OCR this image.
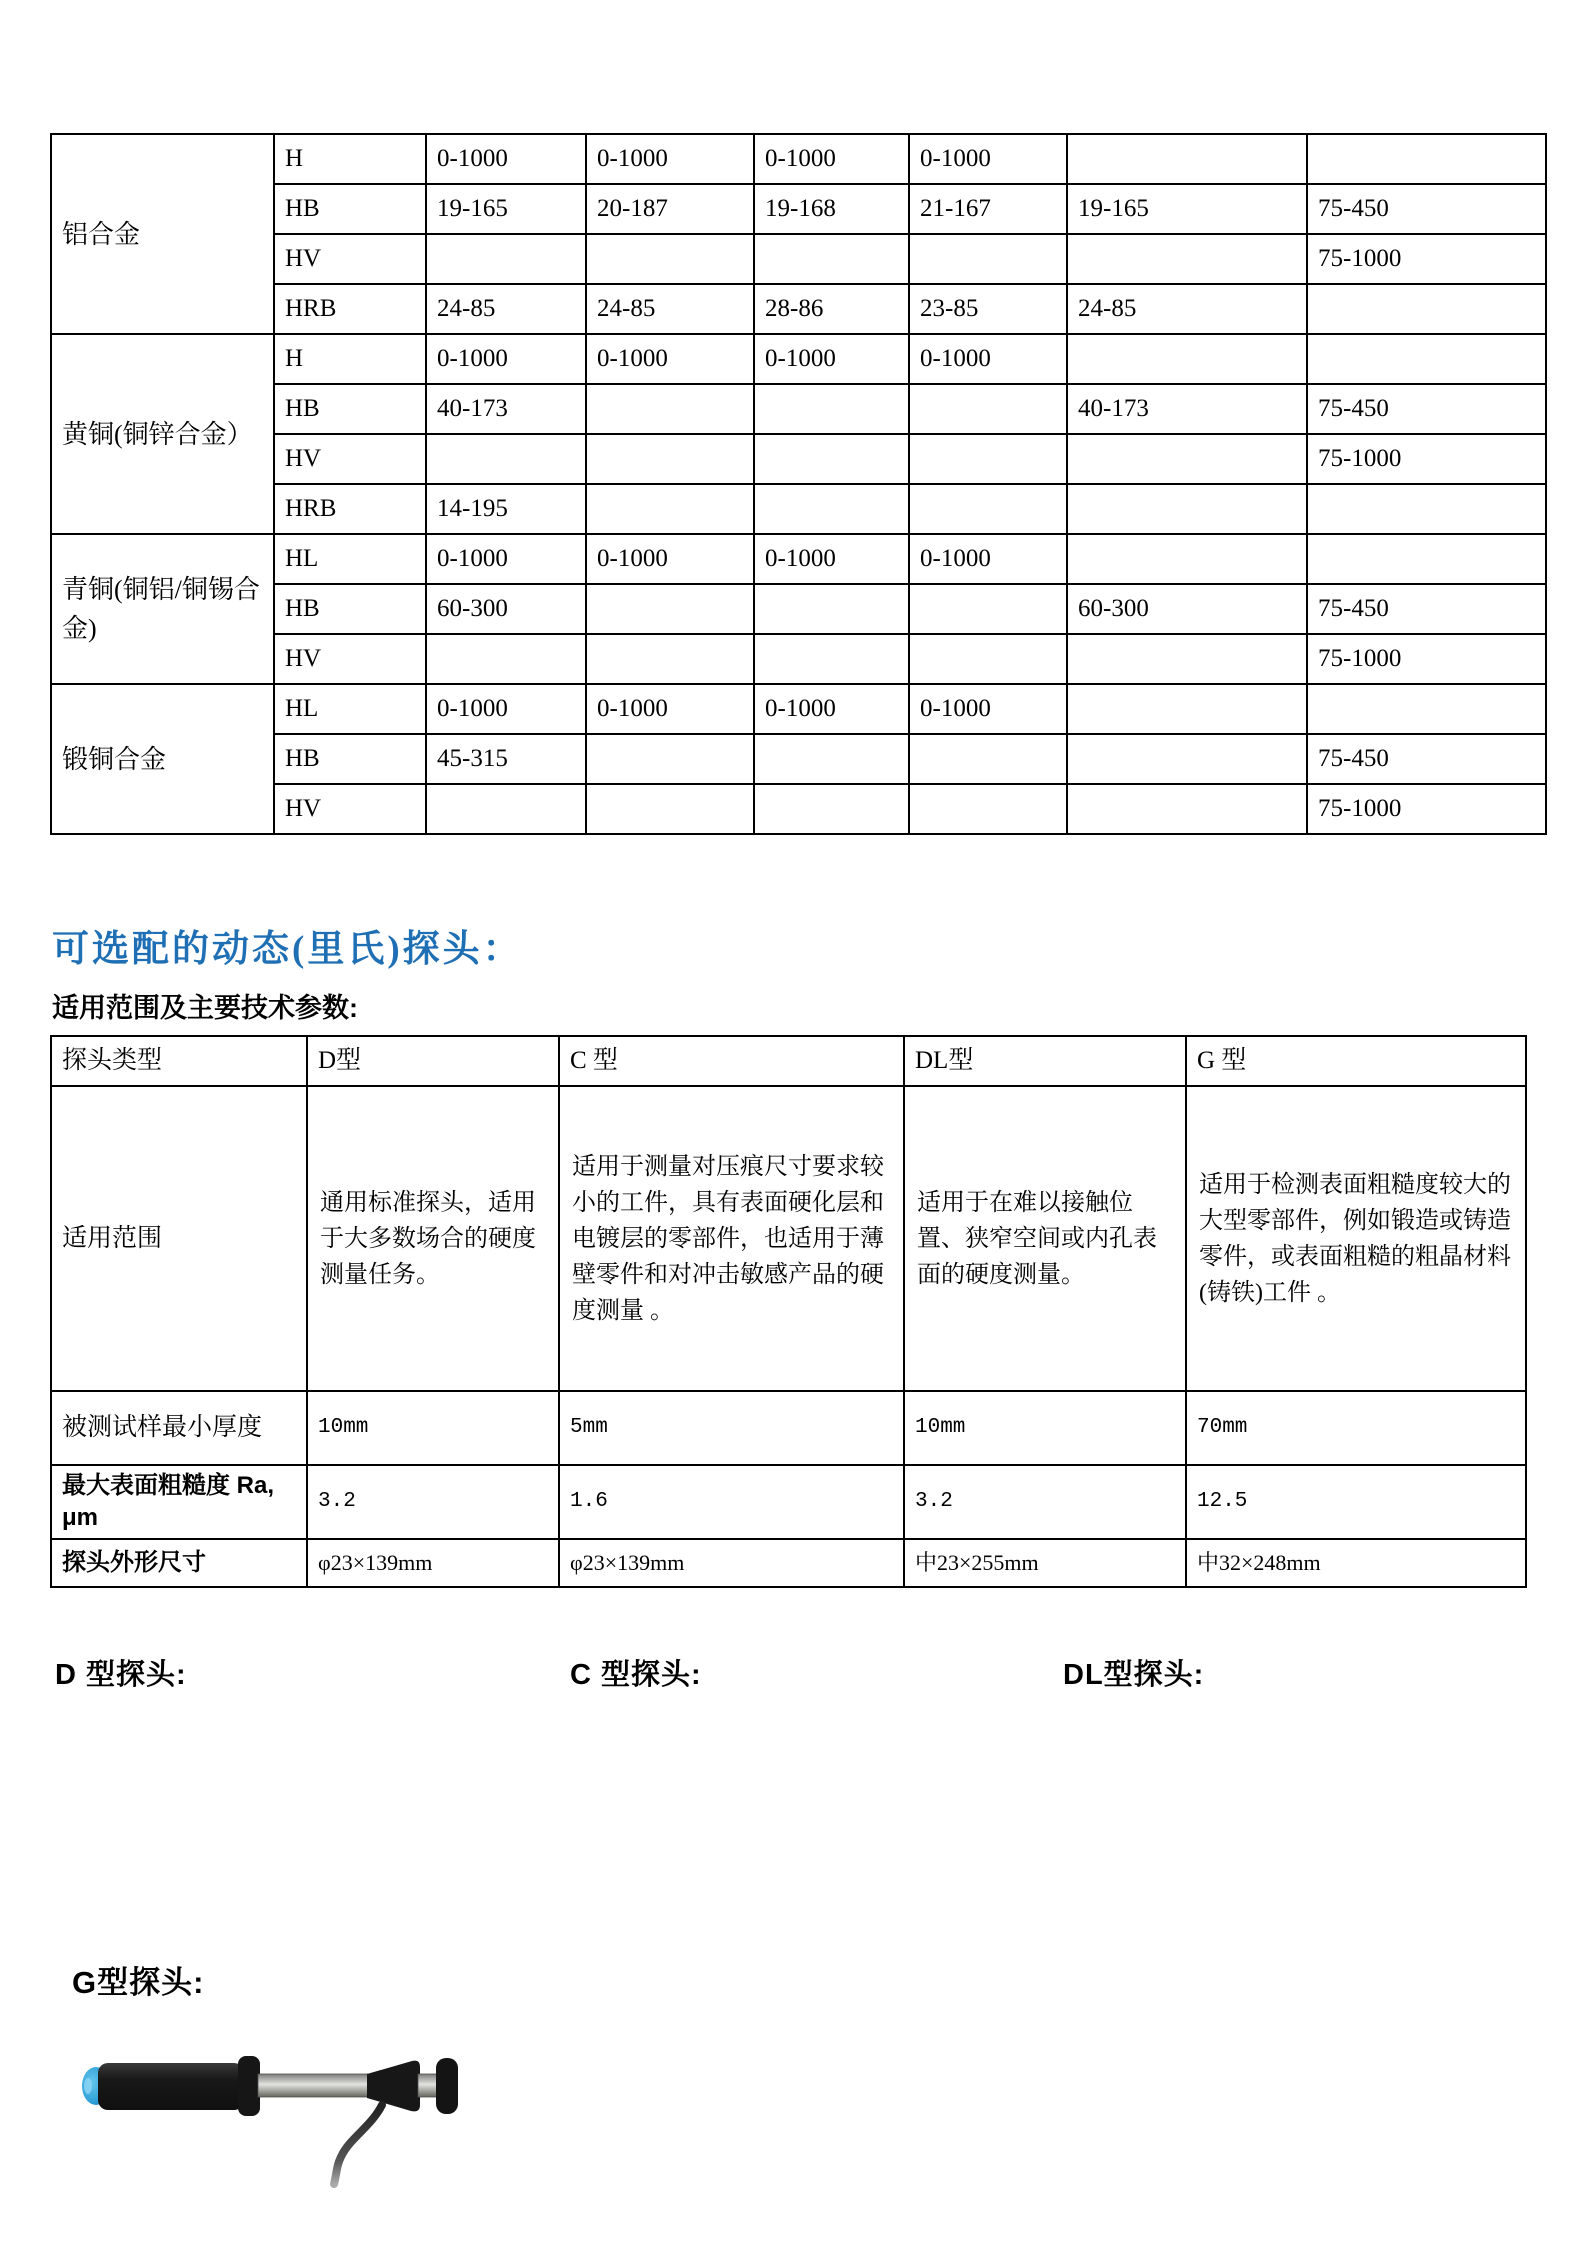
铝合金	H	0-1000	0-1000	0-1000	0-1000		
	HB	19-165	20-187	19-168	21-167	19-165	75-450
	HV						75-1000
	HRB	24-85	24-85	28-86	23-85	24-85	
黄铜(铜锌合金）	H	0-1000	0-1000	0-1000	0-1000		
	HB	40-173				40-173	75-450
	HV						75-1000
	HRB	14-195					
青铜(铜铝/铜锡合金)	HL	0-1000	0-1000	0-1000	0-1000		
	HB	60-300				60-300	75-450
	HV						75-1000
锻铜合金	HL	0-1000	0-1000	0-1000	0-1000		
	HB	45-315					75-450
	HV						75-1000
可选配的动态(里氏)探头：
适用范围及主要技术参数:
探头类型	D型	C 型	DL型	G 型
适用范围	通用标准探头，适用于大多数场合的硬度测量任务。	适用于测量对压痕尺寸要求较小的工件，具有表面硬化层和电镀层的零部件，也适用于薄壁零件和对冲击敏感产品的硬度测量 。	适用于在难以接触位置、狭窄空间或内孔表面的硬度测量。	适用于检测表面粗糙度较大的大型零部件，例如锻造或铸造零件，或表面粗糙的粗晶材料(铸铁)工件 。
被测试样最小厚度	10mm	5mm	10mm	70mm
最大表面粗糙度 Ra, μm	3.2	1.6	3.2	12.5
探头外形尺寸	φ23×139mm	φ23×139mm	中23×255mm	中32×248mm
D 型探头:	C 型探头:	DL型探头:
G型探头:
